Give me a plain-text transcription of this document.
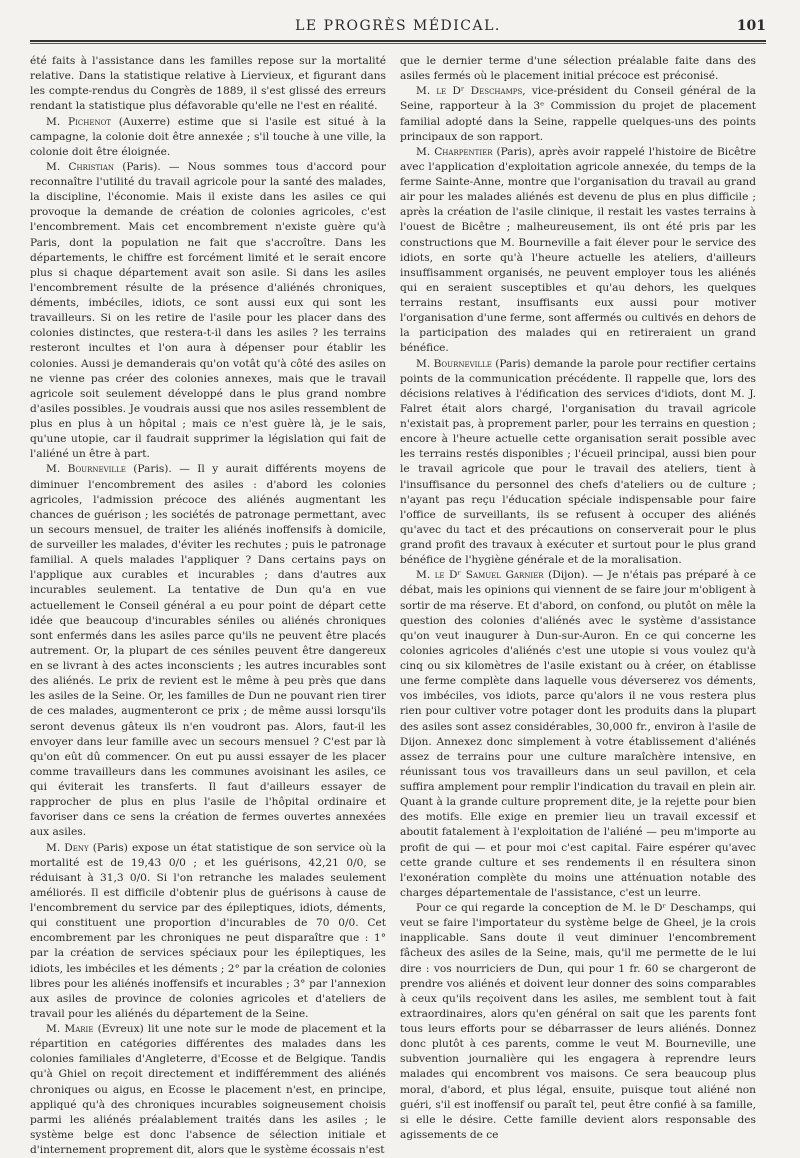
LE PROGRÈS MÉDICAL.	101

été faits à l'assistance dans les familles repose sur la mortalité relative. Dans la statistique relative à Liervieux, et figurant dans les compte-rendus du Congrès de 1889, il s'est glissé des erreurs rendant la statistique plus défavorable qu'elle ne l'est en réalité.

M. Pichenot (Auxerre) estime que si l'asile est situé à la campagne, la colonie doit être annexée ; s'il touche à une ville, la colonie doit être éloignée.

M. Christian (Paris). — Nous sommes tous d'accord pour reconnaître l'utilité du travail agricole pour la santé des malades, la discipline, l'économie. Mais il existe dans les asiles ce qui provoque la demande de création de colonies agricoles, c'est l'encombrement. Mais cet encombrement n'existe guère qu'à Paris, dont la population ne fait que s'accroître. Dans les départements, le chiffre est forcément limité et le serait encore plus si chaque département avait son asile. Si dans les asiles l'encombrement résulte de la présence d'aliénés chroniques, déments, imbéciles, idiots, ce sont aussi eux qui sont les travailleurs. Si on les retire de l'asile pour les placer dans des colonies distinctes, que restera-t-il dans les asiles ? les terrains resteront incultes et l'on aura à dépenser pour établir les colonies. Aussi je demanderais qu'on votât qu'à côté des asiles on ne vienne pas créer des colonies annexes, mais que le travail agricole soit seulement développé dans le plus grand nombre d'asiles possibles. Je voudrais aussi que nos asiles ressemblent de plus en plus à un hôpital ; mais ce n'est guère là, je le sais, qu'une utopie, car il faudrait supprimer la législation qui fait de l'aliéné un être à part.

M. Bourneville (Paris). — Il y aurait différents moyens de diminuer l'encombrement des asiles : d'abord les colonies agricoles, l'admission précoce des aliénés augmentant les chances de guérison ; les sociétés de patronage permettant, avec un secours mensuel, de traiter les aliénés inoffensifs à domicile, de surveiller les malades, d'éviter les rechutes ; puis le patronage familial. A quels malades l'appliquer ? Dans certains pays on l'applique aux curables et incurables ; dans d'autres aux incurables seulement. La tentative de Dun qu'a en vue actuellement le Conseil général a eu pour point de départ cette idée que beaucoup d'incurables séniles ou aliénés chroniques sont enfermés dans les asiles parce qu'ils ne peuvent être placés autrement. Or, la plupart de ces séniles peuvent être dangereux en se livrant à des actes inconscients ; les autres incurables sont des aliénés. Le prix de revient est le même à peu près que dans les asiles de la Seine. Or, les familles de Dun ne pouvant rien tirer de ces malades, augmenteront ce prix ; de même aussi lorsqu'ils seront devenus gâteux ils n'en voudront pas. Alors, faut-il les envoyer dans leur famille avec un secours mensuel ? C'est par là qu'on eût dû commencer. On eut pu aussi essayer de les placer comme travailleurs dans les communes avoisinant les asiles, ce qui éviterait les transferts. Il faut d'ailleurs essayer de rapprocher de plus en plus l'asile de l'hôpital ordinaire et favoriser dans ce sens la création de fermes ouvertes annexées aux asiles.

M. Deny (Paris) expose un état statistique de son service où la mortalité est de 19,43 0/0 ; et les guérisons, 42,21 0/0, se réduisant à 31,3 0/0. Si l'on retranche les malades seulement améliorés. Il est difficile d'obtenir plus de guérisons à cause de l'encombrement du service par des épileptiques, idiots, déments, qui constituent une proportion d'incurables de 70 0/0. Cet encombrement par les chroniques ne peut disparaître que : 1° par la création de services spéciaux pour les épileptiques, les idiots, les imbéciles et les déments ; 2° par la création de colonies libres pour les aliénés inoffensifs et incurables ; 3° par l'annexion aux asiles de province de colonies agricoles et d'ateliers de travail pour les aliénés du département de la Seine.

M. Marie (Evreux) lit une note sur le mode de placement et la répartition en catégories différentes des malades dans les colonies familiales d'Angleterre, d'Ecosse et de Belgique. Tandis qu'à Ghiel on reçoit directement et indifféremment des aliénés chroniques ou aigus, en Ecosse le placement n'est, en principe, appliqué qu'à des chroniques incurables soigneusement choisis parmi les aliénés préalablement traités dans les asiles ; le système belge est donc l'absence de sélection initiale et d'internement proprement dit, alors que le système écossais n'est

que le dernier terme d'une sélection préalable faite dans des asiles fermés où le placement initial précoce est préconisé.

M. le Dʳ Deschamps, vice-président du Conseil général de la Seine, rapporteur à la 3ᵉ Commission du projet de placement familial adopté dans la Seine, rappelle quelques-uns des points principaux de son rapport.

M. Charpentier (Paris), après avoir rappelé l'histoire de Bicêtre avec l'application d'exploitation agricole annexée, du temps de la ferme Sainte-Anne, montre que l'organisation du travail au grand air pour les malades aliénés est devenu de plus en plus difficile ; après la création de l'asile clinique, il restait les vastes terrains à l'ouest de Bicêtre ; malheureusement, ils ont été pris par les constructions que M. Bourneville a fait élever pour le service des idiots, en sorte qu'à l'heure actuelle les ateliers, d'ailleurs insuffisamment organisés, ne peuvent employer tous les aliénés qui en seraient susceptibles et qu'au dehors, les quelques terrains restant, insuffisants eux aussi pour motiver l'organisation d'une ferme, sont affermés ou cultivés en dehors de la participation des malades qui en retireraient un grand bénéfice.

M. Bourneville (Paris) demande la parole pour rectifier certains points de la communication précédente. Il rappelle que, lors des décisions relatives à l'édification des services d'idiots, dont M. J. Falret était alors chargé, l'organisation du travail agricole n'existait pas, à proprement parler, pour les terrains en question ; encore à l'heure actuelle cette organisation serait possible avec les terrains restés disponibles ; l'écueil principal, aussi bien pour le travail agricole que pour le travail des ateliers, tient à l'insuffisance du personnel des chefs d'ateliers ou de culture ; n'ayant pas reçu l'éducation spéciale indispensable pour faire l'office de surveillants, ils se refusent à occuper des aliénés qu'avec du tact et des précautions on conserverait pour le plus grand profit des travaux à exécuter et surtout pour le plus grand bénéfice de l'hygiène générale et de la moralisation.

M. le Dʳ Samuel Garnier (Dijon). — Je n'étais pas préparé à ce débat, mais les opinions qui viennent de se faire jour m'obligent à sortir de ma réserve. Et d'abord, on confond, ou plutôt on mêle la question des colonies d'aliénés avec le système d'assistance qu'on veut inaugurer à Dun-sur-Auron. En ce qui concerne les colonies agricoles d'aliénés c'est une utopie si vous voulez qu'à cinq ou six kilomètres de l'asile existant ou à créer, on établisse une ferme complète dans laquelle vous déverserez vos déments, vos imbéciles, vos idiots, parce qu'alors il ne vous restera plus rien pour cultiver votre potager dont les produits dans la plupart des asiles sont assez considérables, 30,000 fr., environ à l'asile de Dijon. Annexez donc simplement à votre établissement d'aliénés assez de terrains pour une culture maraîchère intensive, en réunissant tous vos travailleurs dans un seul pavillon, et cela suffira amplement pour remplir l'indication du travail en plein air. Quant à la grande culture proprement dite, je la rejette pour bien des motifs. Elle exige en premier lieu un travail excessif et aboutit fatalement à l'exploitation de l'aliéné — peu m'importe au profit de qui — et pour moi c'est capital. Faire espérer qu'avec cette grande culture et ses rendements il en résultera sinon l'exonération complète du moins une atténuation notable des charges départementale de l'assistance, c'est un leurre.

Pour ce qui regarde la conception de M. le Dʳ Deschamps, qui veut se faire l'importateur du système belge de Gheel, je la crois inapplicable. Sans doute il veut diminuer l'encombrement fâcheux des asiles de la Seine, mais, qu'il me permette de le lui dire : vos nourriciers de Dun, qui pour 1 fr. 60 se chargeront de prendre vos aliénés et doivent leur donner des soins comparables à ceux qu'ils reçoivent dans les asiles, me semblent tout à fait extraordinaires, alors qu'en général on sait que les parents font tous leurs efforts pour se débarrasser de leurs aliénés. Donnez donc plutôt à ces parents, comme le veut M. Bourneville, une subvention journalière qui les engagera à reprendre leurs malades qui encombrent vos maisons. Ce sera beaucoup plus moral, d'abord, et plus légal, ensuite, puisque tout aliéné non guéri, s'il est inoffensif ou paraît tel, peut être confié à sa famille, si elle le désire. Cette famille devient alors responsable des agissements de ce
